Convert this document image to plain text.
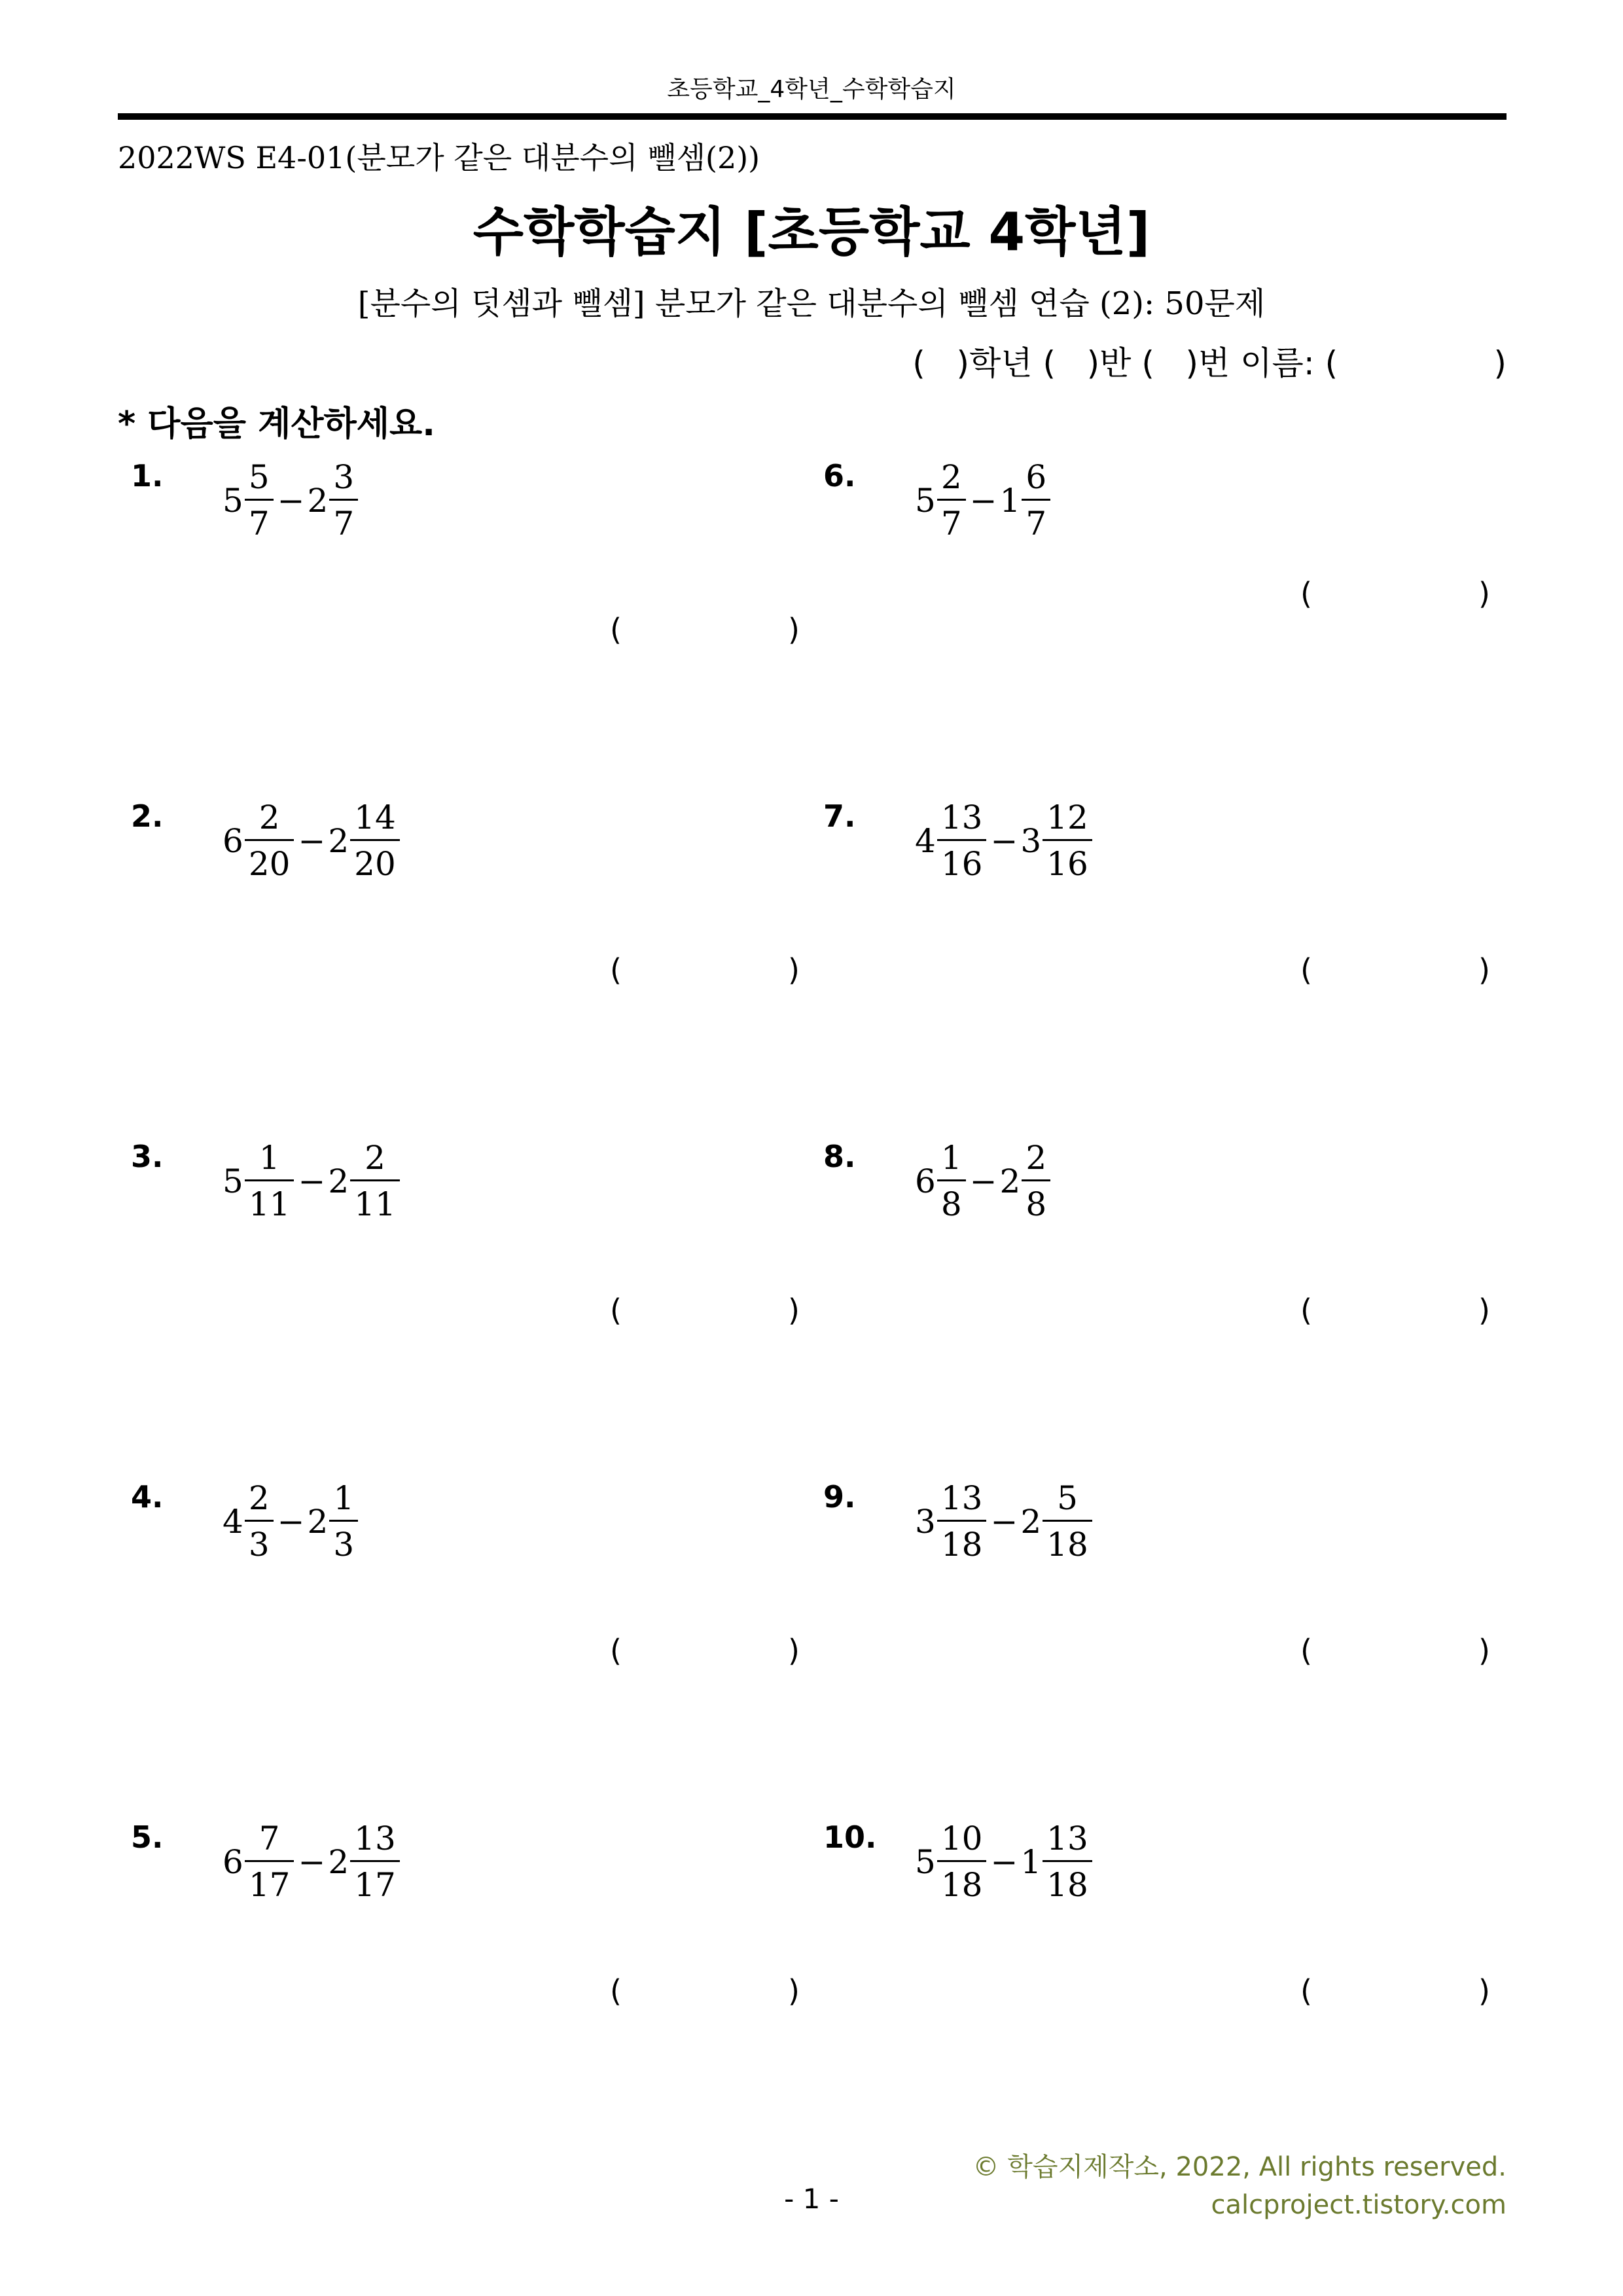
초등학교_4학년_수학학습지
2022WS E4-01(분모가 같은 대분수의 뺄셈(2))
수학학습지 [초등학교 4학년]
[분수의 덧셈과 뺄셈] 분모가 같은 대분수의 뺄셈 연습 (2): 50문제
(   )학년 (   )반 (   )번 이름: (               )
* 다음을 계산하세요.
1.
$5 \frac{5}{7} - 2 \frac{3}{7}$
(	)
2.
$6 \frac{2}{20} - 2 \frac{14}{20}$
(	)
3.
$5 \frac{1}{11} - 2 \frac{2}{11}$
(	)
4.
$4 \frac{2}{3} - 2 \frac{1}{3}$
(	)
5.
$6 \frac{7}{17} - 2 \frac{13}{17}$
(	)
6.
$5 \frac{2}{7} - 1 \frac{6}{7}$
(	)
7.
$4 \frac{13}{16} - 3 \frac{12}{16}$
(	)
8.
$6 \frac{1}{8} - 2 \frac{2}{8}$
(	)
9.
$3 \frac{13}{18} - 2 \frac{5}{18}$
(	)
10.
$5 \frac{10}{18} - 1 \frac{13}{18}$
(	)
- 1 -
© 학습지제작소, 2022, All rights reserved.
calcproject.tistory.com
